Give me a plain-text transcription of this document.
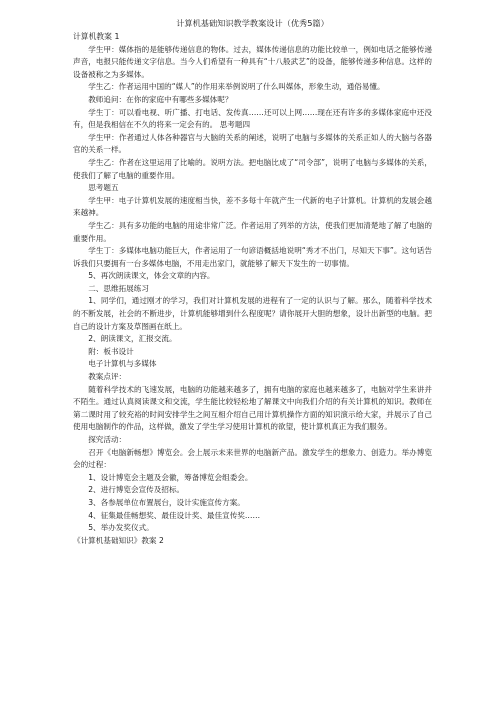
计算机基础知识教学教案设计（优秀5篇）
计算机教案 1

学生甲：媒体指的是能够传递信息的物体。过去，媒体传递信息的功能比较单一，例如电话之能够传递声音，电报只能传递文字信息。当今人们希望有一种具有“十八般武艺”的设备，能够传递多种信息。这样的设备被称之为多媒体。

学生乙：作者运用中国的“媒人”的作用来举例说明了什么叫媒体，形象生动，通俗易懂。

教师追问：在你的家庭中有哪些多媒体呢？

学生丁：可以看电视、听广播、打电话、发传真……还可以上网……现在还有许多的多媒体家庭中还没有，但是我相信在不久的将来一定会有的。 思考题四

学生甲：作者通过人体各种器官与大脑的关系的阐述，说明了电脑与多媒体的关系正如人的大脑与各器官的关系一样。

学生乙：作者在这里运用了比喻的。说明方法。把电脑比成了“司令部”，说明了电脑与多媒体的关系，使我们了解了电脑的重要作用。

思考题五

学生甲：电子计算机发展的速度相当快，差不多每十年就产生一代新的电子计算机。计算机的发展会越来越神。

学生乙：具有多功能的电脑的用途非常广泛。作者运用了列举的方法，使我们更加清楚地了解了电脑的重要作用。

学生丁：多媒体电脑功能巨大，作者运用了一句谚语概括地说明“秀才不出门，尽知天下事”。这句话告诉我们只要拥有一台多媒体电脑，不用走出家门，就能够了解天下发生的一切事情。

5、再次朗读课文，体会文章的内容。

二、思维拓展练习

1、同学们，通过刚才的学习，我们对计算机发展的进程有了一定的认识与了解。那么，随着科学技术的不断发展，社会的不断进步，计算机能够增到什么程度呢？请你展开大胆的想象，设计出新型的电脑。把自己的设计方案及草图画在纸上。

2、朗读课文，汇报交流。

附：板书设计

电子计算机与多媒体

教案点评：

随着科学技术的飞速发展，电脑的功能越来越多了，拥有电脑的家庭也越来越多了，电脑对学生来讲并不陌生。通过认真阅读课文和交流，学生能比较轻松地了解课文中向我们介绍的有关计算机的知识。教师在第二课时用了较充裕的时间安排学生之间互相介绍自己用计算机操作方面的知识演示给大家，并展示了自己使用电脑制作的作品，这样做，激发了学生学习使用计算机的欲望，使计算机真正为我们服务。

探究活动：

召开《电脑新畅想》博览会。会上展示未来世界的电脑新产品。激发学生的想象力、创造力。举办博览会的过程：

1、设计博览会主题及会徽，筹备博览会组委会。

2、进行博览会宣传及招标。

3、各参展单位布置展台，设计实施宣传方案。

4、征集最佳畅想奖、最佳设计奖、最佳宣传奖……

5、举办发奖仪式。

《计算机基础知识》教案 2
